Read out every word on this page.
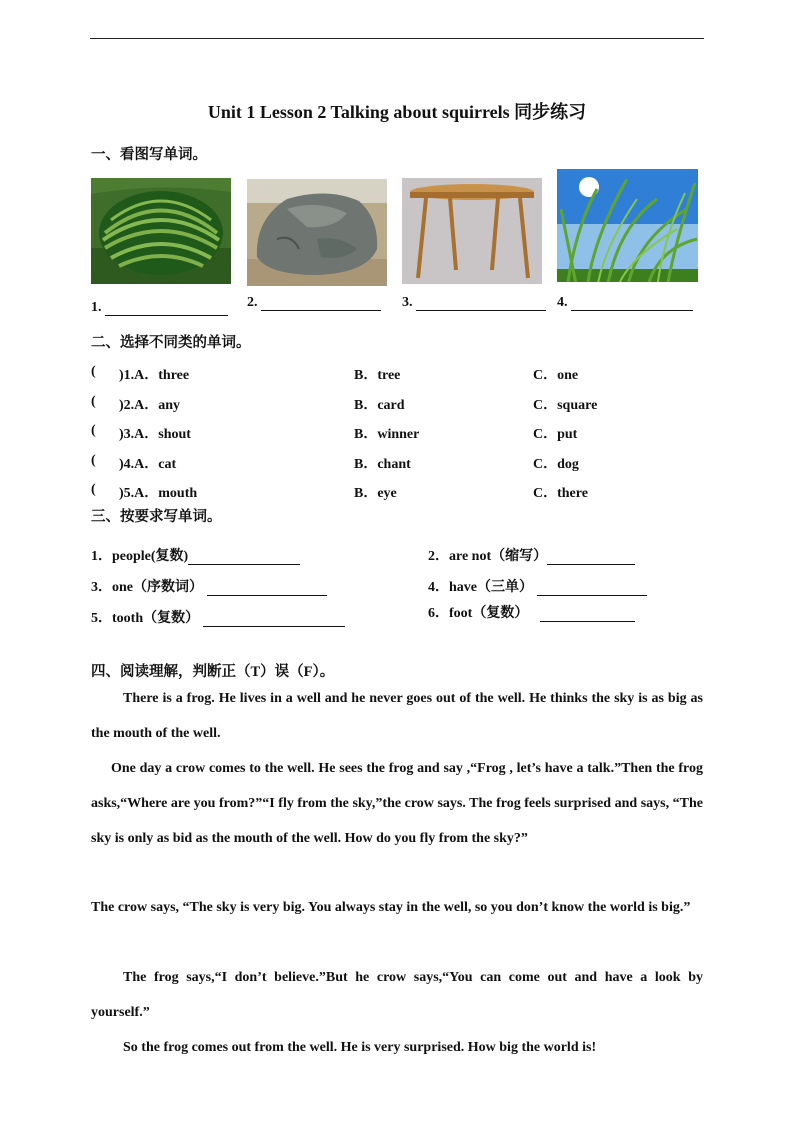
Unit 1 Lesson 2 Talking about squirrels 同步练习
一、看图写单词。
1.	2.	3.	4.
二、选择不同类的单词。
( )1.A．three	B．tree	C．one
( )2.A．any	B．card	C．square
( )3.A．shout	B．winner	C．put
( )4.A．cat	B．chant	C．dog
( )5.A．mouth	B．eye	C．there
三、按要求写单词。
1．people(复数)	2．are not（缩写）
3．one（序数词）	4．have（三单）
5．tooth（复数）	6．foot（复数）
四、阅读理解，判断正（T）误（F）。
There is a frog. He lives in a well and he never goes out of the well. He thinks the sky is as big as the mouth of the well.
One day a crow comes to the well. He sees the frog and say ,“Frog , let’s have a talk.”Then the frog asks,“Where are you from?”“I fly from the sky,”the crow says. The frog feels surprised and says, “The sky is only as bid as the mouth of the well. How do you fly from the sky?”
The crow says, “The sky is very big. You always stay in the well, so you don’t know the world is big.”
The frog says,“I don’t believe.”But he crow says,“You can come out and have a look by yourself.”
So the frog comes out from the well. He is very surprised. How big the world is!
